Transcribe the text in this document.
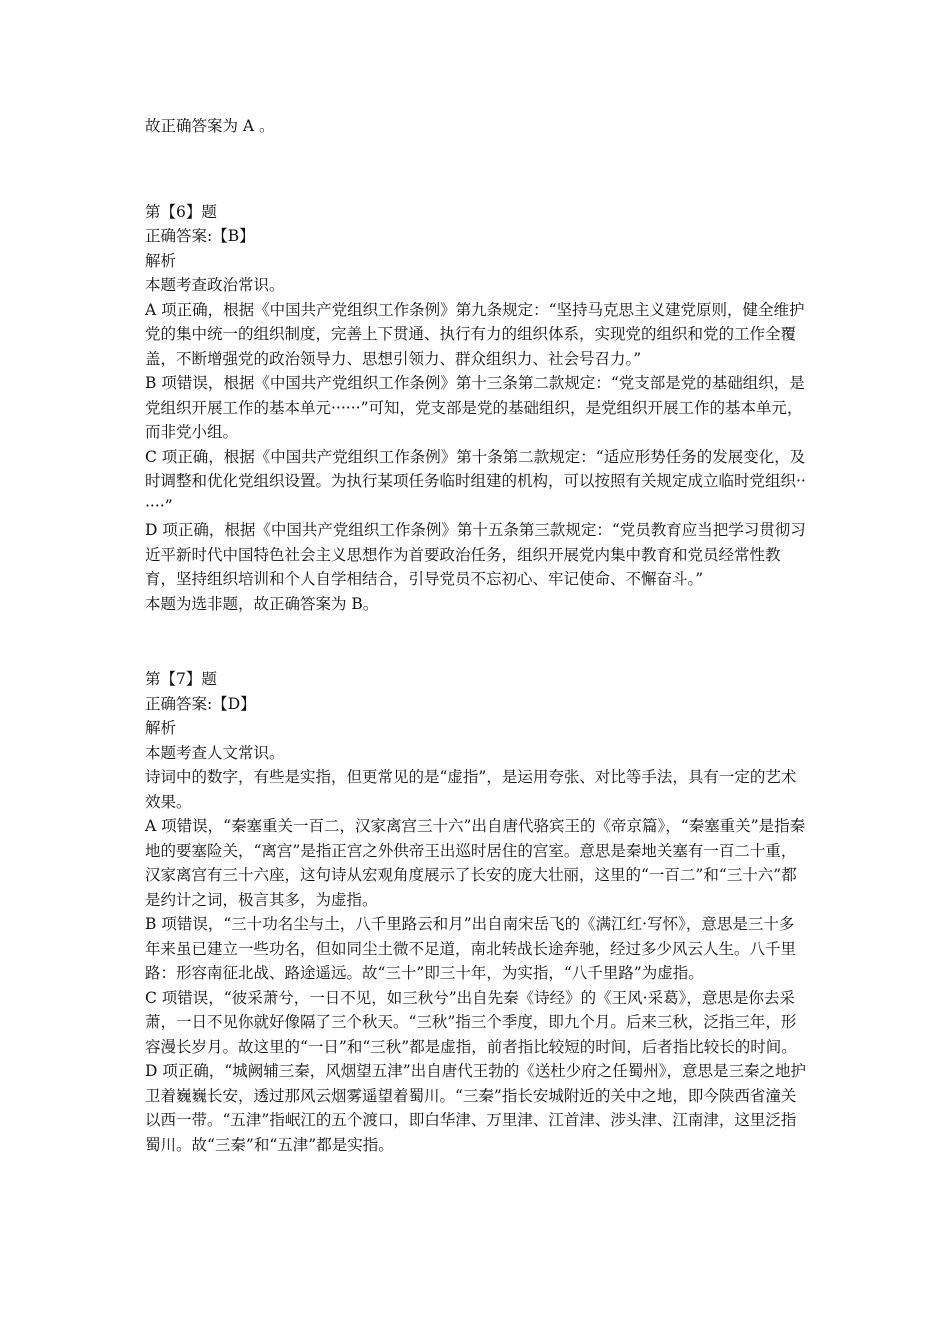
故正确答案为 A 。

第【6】题

正确答案:【B】

解析

本题考查政治常识。

A 项正确，根据《中国共产党组织工作条例》第九条规定：“坚持马克思主义建党原则，健全维护党的集中统一的组织制度，完善上下贯通、执行有力的组织体系，实现党的组织和党的工作全覆盖，不断增强党的政治领导力、思想引领力、群众组织力、社会号召力。”

B 项错误，根据《中国共产党组织工作条例》第十三条第二款规定：“党支部是党的基础组织，是党组织开展工作的基本单元······”可知，党支部是党的基础组织，是党组织开展工作的基本单元，而非党小组。

C 项正确，根据《中国共产党组织工作条例》第十条第二款规定：“适应形势任务的发展变化，及时调整和优化党组织设置。为执行某项任务临时组建的机构，可以按照有关规定成立临时党组织······”

D 项正确，根据《中国共产党组织工作条例》第十五条第三款规定：“党员教育应当把学习贯彻习近平新时代中国特色社会主义思想作为首要政治任务，组织开展党内集中教育和党员经常性教育，坚持组织培训和个人自学相结合，引导党员不忘初心、牢记使命、不懈奋斗。”

本题为选非题，故正确答案为 B。

第【7】题

正确答案:【D】

解析

本题考查人文常识。

诗词中的数字，有些是实指，但更常见的是“虚指”，是运用夸张、对比等手法，具有一定的艺术效果。

A 项错误，“秦塞重关一百二，汉家离宫三十六”出自唐代骆宾王的《帝京篇》，“秦塞重关”是指秦地的要塞险关，“离宫”是指正宫之外供帝王出巡时居住的宫室。意思是秦地关塞有一百二十重，汉家离宫有三十六座，这句诗从宏观角度展示了长安的庞大壮丽，这里的“一百二”和“三十六”都是约计之词，极言其多，为虚指。

B 项错误，“三十功名尘与土，八千里路云和月”出自南宋岳飞的《满江红·写怀》，意思是三十多年来虽已建立一些功名，但如同尘土微不足道，南北转战长途奔驰，经过多少风云人生。八千里路：形容南征北战、路途遥远。故“三十”即三十年，为实指，“八千里路”为虚指。

C 项错误，“彼采萧兮，一日不见，如三秋兮”出自先秦《诗经》的《王风·采葛》，意思是你去采萧，一日不见你就好像隔了三个秋天。“三秋”指三个季度，即九个月。后来三秋，泛指三年，形容漫长岁月。故这里的“一日”和“三秋”都是虚指，前者指比较短的时间，后者指比较长的时间。

D 项正确，“城阙辅三秦，风烟望五津”出自唐代王勃的《送杜少府之任蜀州》，意思是三秦之地护卫着巍巍长安，透过那风云烟雾遥望着蜀川。“三秦”指长安城附近的关中之地，即今陕西省潼关以西一带。“五津”指岷江的五个渡口，即白华津、万里津、江首津、涉头津、江南津，这里泛指蜀川。故“三秦”和“五津”都是实指。
